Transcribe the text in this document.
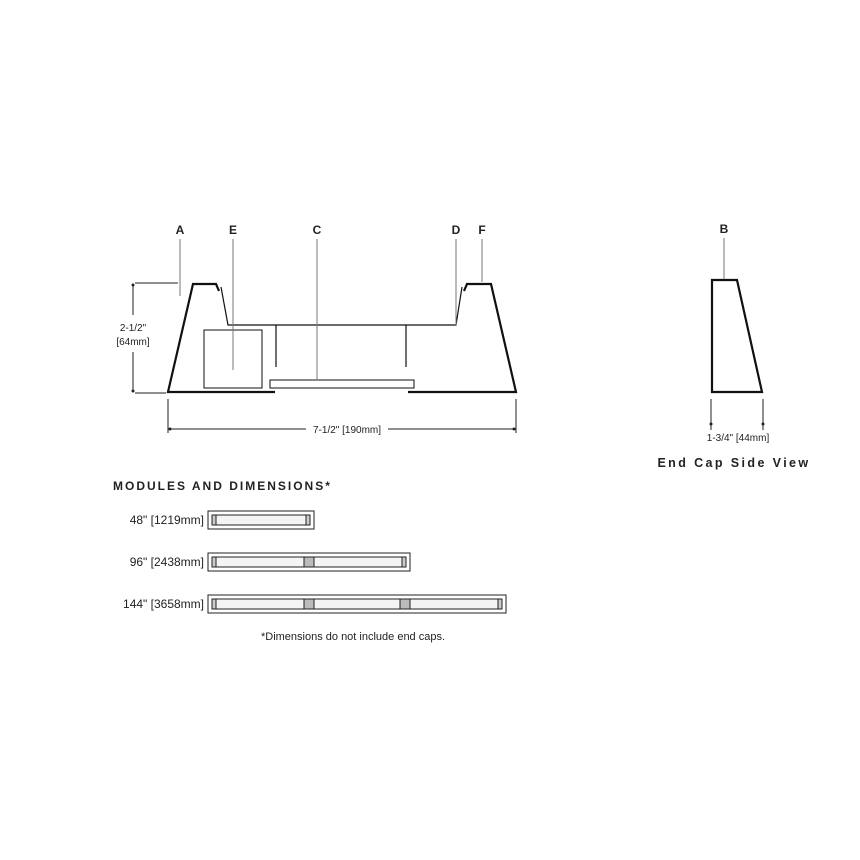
A	E	C	D F
2-1/2"
[64mm]
7-1/2" [190mm]
B
1-3/4" [44mm]
End Cap Side View
MODULES AND DIMENSIONS*
48" [1219mm]
96" [2438mm]
144" [3658mm]
*Dimensions do not include end caps.
